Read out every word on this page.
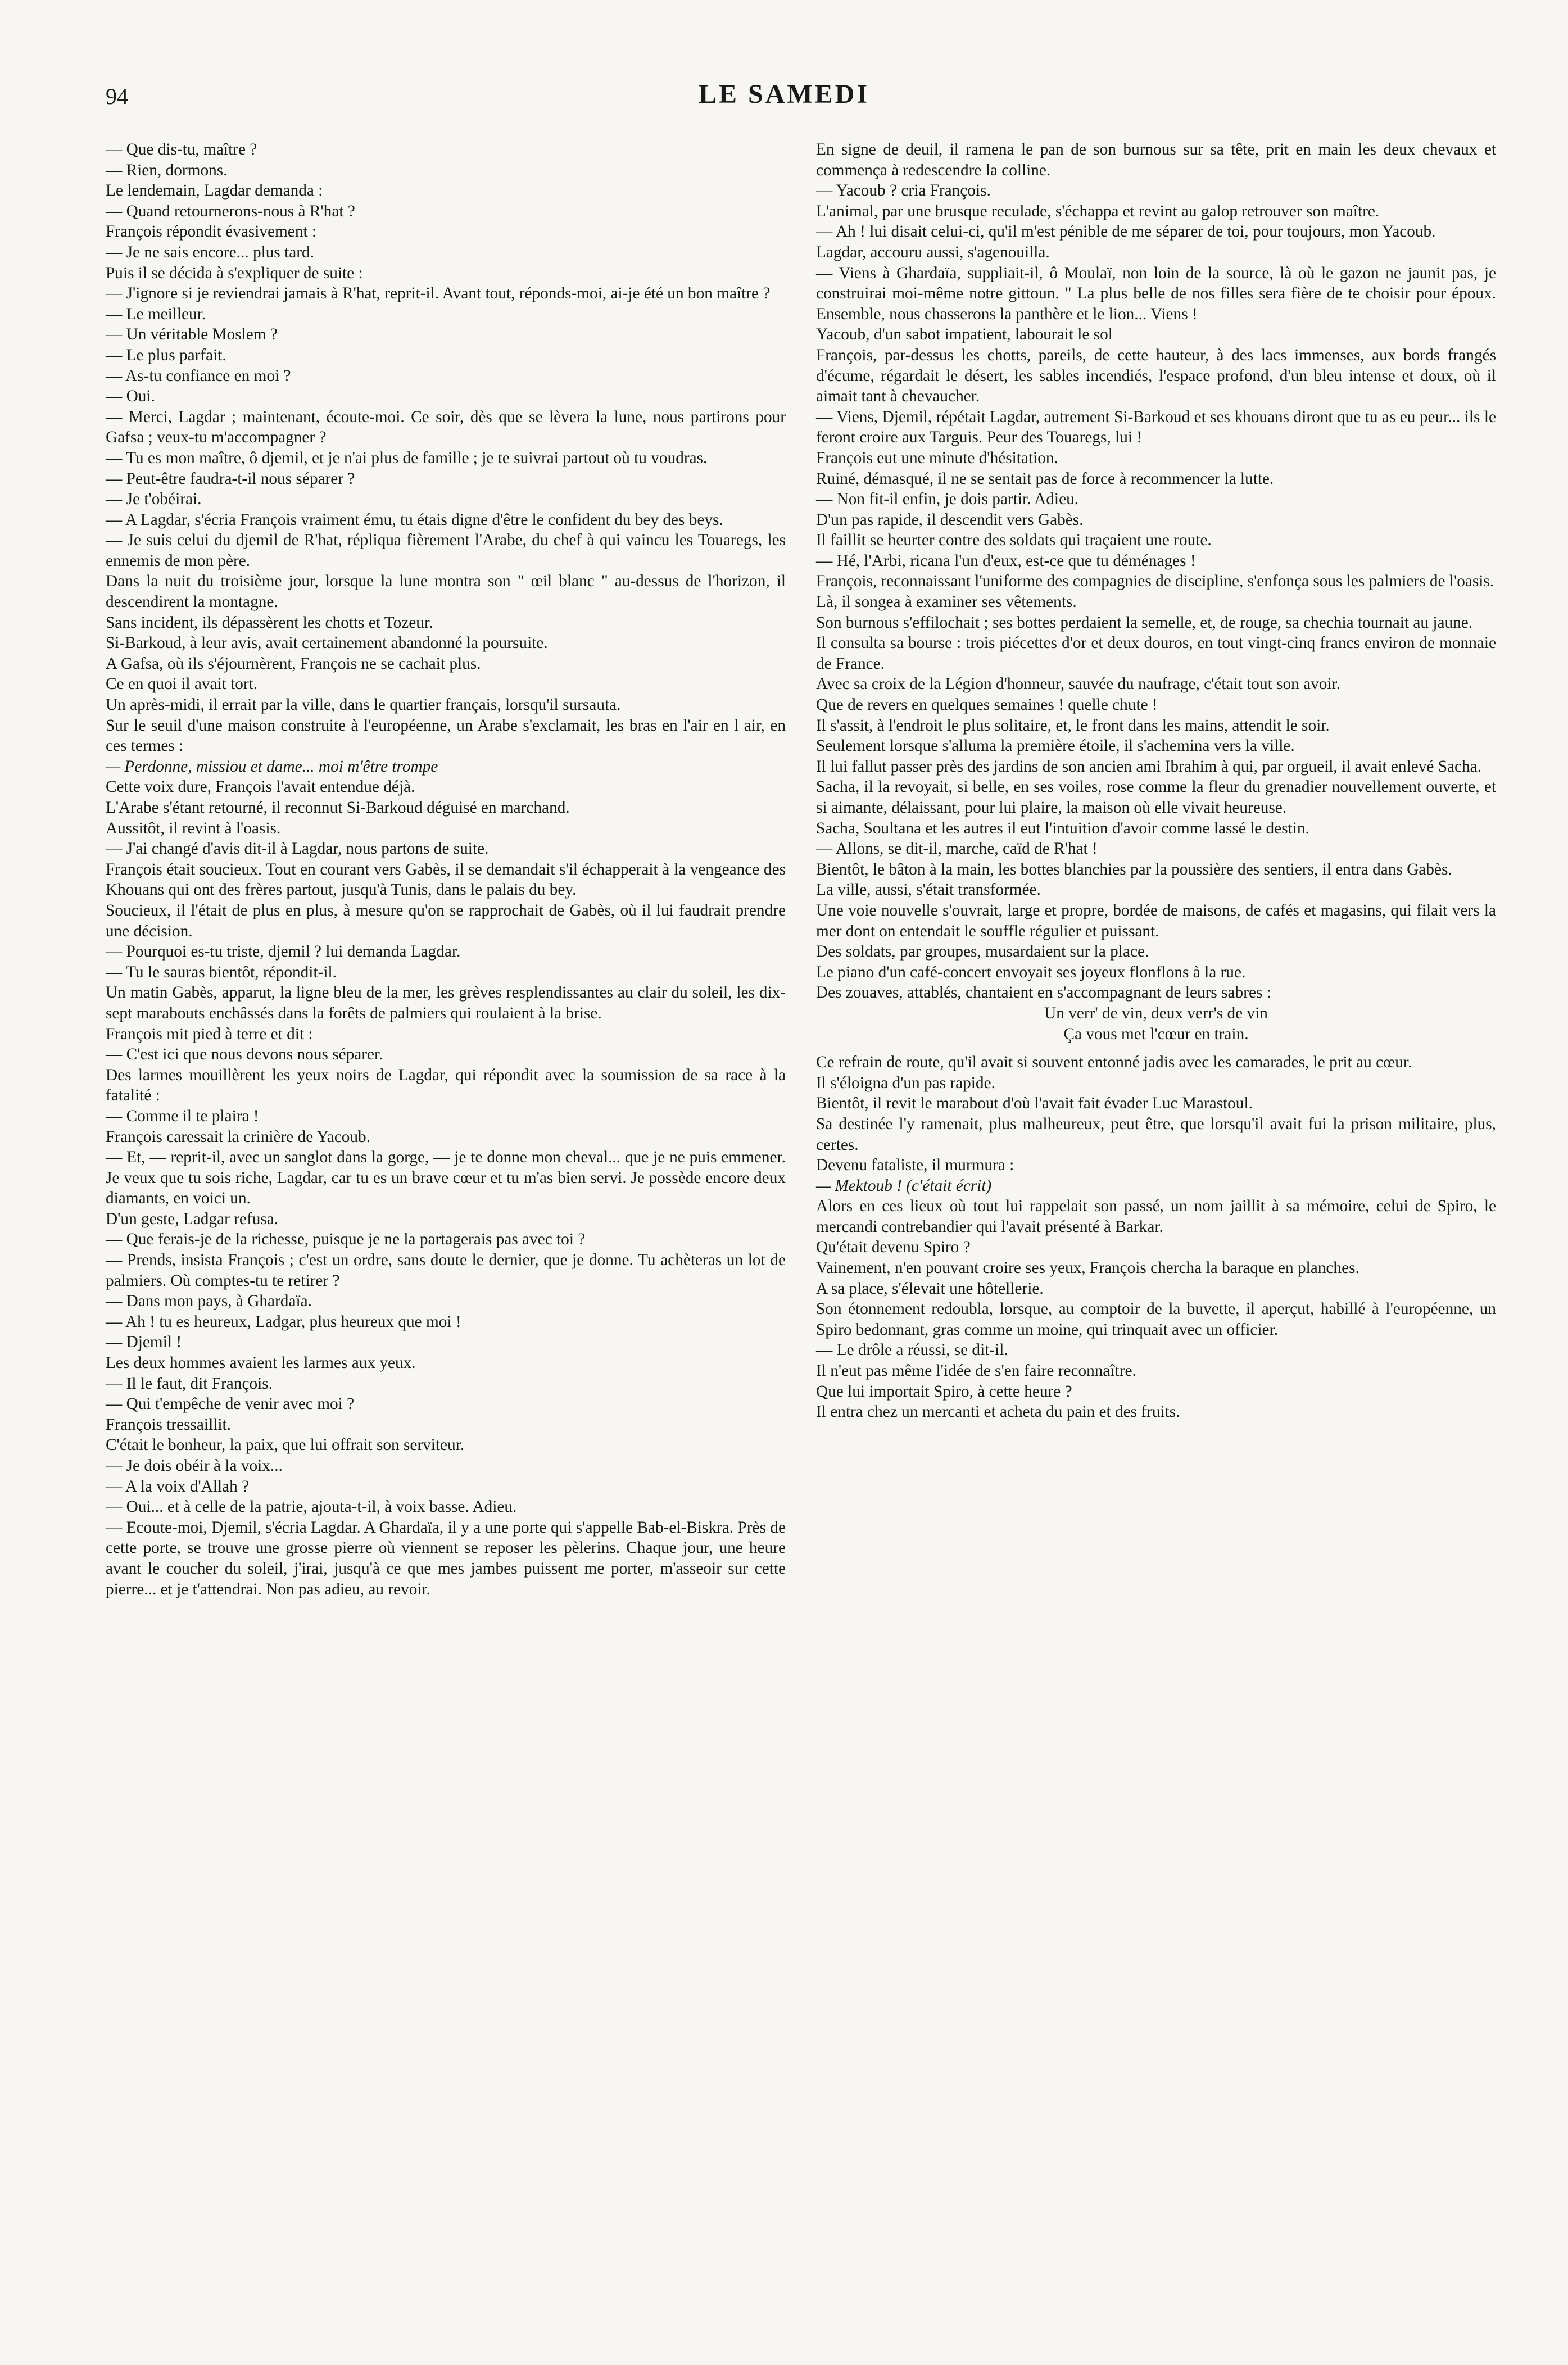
94	LE SAMEDI

— Que dis-tu, maître ?

— Rien, dormons.

Le lendemain, Lagdar demanda :

— Quand retournerons-nous à R'hat ?

François répondit évasivement :

— Je ne sais encore... plus tard.

Puis il se décida à s'expliquer de suite :

— J'ignore si je reviendrai jamais à R'hat, reprit-il. Avant tout, réponds-moi, ai-je été un bon maître ?

— Le meilleur.

— Un véritable Moslem ?

— Le plus parfait.

— As-tu confiance en moi ?

— Oui.

— Merci, Lagdar ; maintenant, écoute-moi. Ce soir, dès que se lèvera la lune, nous partirons pour Gafsa ; veux-tu m'accompagner ?

— Tu es mon maître, ô djemil, et je n'ai plus de famille ; je te suivrai partout où tu voudras.

— Peut-être faudra-t-il nous séparer ?

— Je t'obéirai.

— A Lagdar, s'écria François vraiment ému, tu étais digne d'être le confident du bey des beys.

— Je suis celui du djemil de R'hat, répliqua fièrement l'Arabe, du chef à qui vaincu les Touaregs, les ennemis de mon père.

Dans la nuit du troisième jour, lorsque la lune montra son " œil blanc " au-dessus de l'horizon, il descendirent la montagne.

Sans incident, ils dépassèrent les chotts et Tozeur.

Si-Barkoud, à leur avis, avait certainement abandonné la poursuite.

A Gafsa, où ils s'éjournèrent, François ne se cachait plus.

Ce en quoi il avait tort.

Un après-midi, il errait par la ville, dans le quartier français, lorsqu'il sursauta.

Sur le seuil d'une maison construite à l'européenne, un Arabe s'exclamait, les bras en l'air en l air, en ces termes :

— Perdonne, missiou et dame... moi m'être trompe

Cette voix dure, François l'avait entendue déjà.

L'Arabe s'étant retourné, il reconnut Si-Barkoud déguisé en marchand.

Aussitôt, il revint à l'oasis.

— J'ai changé d'avis dit-il à Lagdar, nous partons de suite.

François était soucieux. Tout en courant vers Gabès, il se demandait s'il échapperait à la vengeance des Khouans qui ont des frères partout, jusqu'à Tunis, dans le palais du bey.

Soucieux, il l'était de plus en plus, à mesure qu'on se rapprochait de Gabès, où il lui faudrait prendre une décision.

— Pourquoi es-tu triste, djemil ? lui demanda Lagdar.

— Tu le sauras bientôt, répondit-il.

Un matin Gabès, apparut, la ligne bleu de la mer, les grèves resplendissantes au clair du soleil, les dix-sept marabouts enchâssés dans la forêts de palmiers qui roulaient à la brise.

François mit pied à terre et dit :

— C'est ici que nous devons nous séparer.

Des larmes mouillèrent les yeux noirs de Lagdar, qui répondit avec la soumission de sa race à la fatalité :

— Comme il te plaira !

François caressait la crinière de Yacoub.

— Et, — reprit-il, avec un sanglot dans la gorge, — je te donne mon cheval... que je ne puis emmener. Je veux que tu sois riche, Lagdar, car tu es un brave cœur et tu m'as bien servi. Je possède encore deux diamants, en voici un.

D'un geste, Ladgar refusa.

— Que ferais-je de la richesse, puisque je ne la partagerais pas avec toi ?

— Prends, insista François ; c'est un ordre, sans doute le dernier, que je donne. Tu achèteras un lot de palmiers. Où comptes-tu te retirer ?

— Dans mon pays, à Ghardaïa.

— Ah ! tu es heureux, Ladgar, plus heureux que moi !

— Djemil !

Les deux hommes avaient les larmes aux yeux.

— Il le faut, dit François.

— Qui t'empêche de venir avec moi ?

François tressaillit.

C'était le bonheur, la paix, que lui offrait son serviteur.

— Je dois obéir à la voix...

— A la voix d'Allah ?

— Oui... et à celle de la patrie, ajouta-t-il, à voix basse. Adieu.

— Ecoute-moi, Djemil, s'écria Lagdar. A Ghardaïa, il y a une porte qui s'appelle Bab-el-Biskra. Près de cette porte, se trouve une grosse pierre où viennent se reposer les pèlerins. Chaque jour, une heure avant le coucher du soleil, j'irai, jusqu'à ce que mes jambes puissent me porter, m'asseoir sur cette pierre... et je t'attendrai. Non pas adieu, au revoir.

En signe de deuil, il ramena le pan de son burnous sur sa tête, prit en main les deux chevaux et commença à redescendre la colline.

— Yacoub ? cria François.

L'animal, par une brusque reculade, s'échappa et revint au galop retrouver son maître.

— Ah ! lui disait celui-ci, qu'il m'est pénible de me séparer de toi, pour toujours, mon Yacoub.

Lagdar, accouru aussi, s'agenouilla.

— Viens à Ghardaïa, suppliait-il, ô Moulaï, non loin de la source, là où le gazon ne jaunit pas, je construirai moi-même notre gittoun. " La plus belle de nos filles sera fière de te choisir pour époux. Ensemble, nous chasserons la panthère et le lion... Viens !

Yacoub, d'un sabot impatient, labourait le sol

François, par-dessus les chotts, pareils, de cette hauteur, à des lacs immenses, aux bords frangés d'écume, régardait le désert, les sables incendiés, l'espace profond, d'un bleu intense et doux, où il aimait tant à chevaucher.

— Viens, Djemil, répétait Lagdar, autrement Si-Barkoud et ses khouans diront que tu as eu peur... ils le feront croire aux Targuis. Peur des Touaregs, lui !

François eut une minute d'hésitation.

Ruiné, démasqué, il ne se sentait pas de force à recommencer la lutte.

— Non fit-il enfin, je dois partir. Adieu.

D'un pas rapide, il descendit vers Gabès.

Il faillit se heurter contre des soldats qui traçaient une route.

— Hé, l'Arbi, ricana l'un d'eux, est-ce que tu déménages !

François, reconnaissant l'uniforme des compagnies de discipline, s'enfonça sous les palmiers de l'oasis.

Là, il songea à examiner ses vêtements.

Son burnous s'effilochait ; ses bottes perdaient la semelle, et, de rouge, sa chechia tournait au jaune.

Il consulta sa bourse : trois piécettes d'or et deux douros, en tout vingt-cinq francs environ de monnaie de France.

Avec sa croix de la Légion d'honneur, sauvée du naufrage, c'était tout son avoir.

Que de revers en quelques semaines ! quelle chute !

Il s'assit, à l'endroit le plus solitaire, et, le front dans les mains, attendit le soir.

Seulement lorsque s'alluma la première étoile, il s'achemina vers la ville.

Il lui fallut passer près des jardins de son ancien ami Ibrahim à qui, par orgueil, il avait enlevé Sacha.

Sacha, il la revoyait, si belle, en ses voiles, rose comme la fleur du grenadier nouvellement ouverte, et si aimante, délaissant, pour lui plaire, la maison où elle vivait heureuse.

Sacha, Soultana et les autres il eut l'intuition d'avoir comme lassé le destin.

— Allons, se dit-il, marche, caïd de R'hat !

Bientôt, le bâton à la main, les bottes blanchies par la poussière des sentiers, il entra dans Gabès.

La ville, aussi, s'était transformée.

Une voie nouvelle s'ouvrait, large et propre, bordée de maisons, de cafés et magasins, qui filait vers la mer dont on entendait le souffle régulier et puissant.

Des soldats, par groupes, musardaient sur la place.

Le piano d'un café-concert envoyait ses joyeux flonflons à la rue.

Des zouaves, attablés, chantaient en s'accompagnant de leurs sabres :

Un verr' de vin, deux verr's de vin

Ça vous met l'cœur en train.

Ce refrain de route, qu'il avait si souvent entonné jadis avec les camarades, le prit au cœur.

Il s'éloigna d'un pas rapide.

Bientôt, il revit le marabout d'où l'avait fait évader Luc Marastoul.

Sa destinée l'y ramenait, plus malheureux, peut être, que lorsqu'il avait fui la prison militaire, plus, certes.

Devenu fataliste, il murmura :

— Mektoub ! (c'était écrit)

Alors en ces lieux où tout lui rappelait son passé, un nom jaillit à sa mémoire, celui de Spiro, le mercandi contrebandier qui l'avait présenté à Barkar.

Qu'était devenu Spiro ?

Vainement, n'en pouvant croire ses yeux, François chercha la baraque en planches.

A sa place, s'élevait une hôtellerie.

Son étonnement redoubla, lorsque, au comptoir de la buvette, il aperçut, habillé à l'européenne, un Spiro bedonnant, gras comme un moine, qui trinquait avec un officier.

— Le drôle a réussi, se dit-il.

Il n'eut pas même l'idée de s'en faire reconnaître.

Que lui importait Spiro, à cette heure ?

Il entra chez un mercanti et acheta du pain et des fruits.
